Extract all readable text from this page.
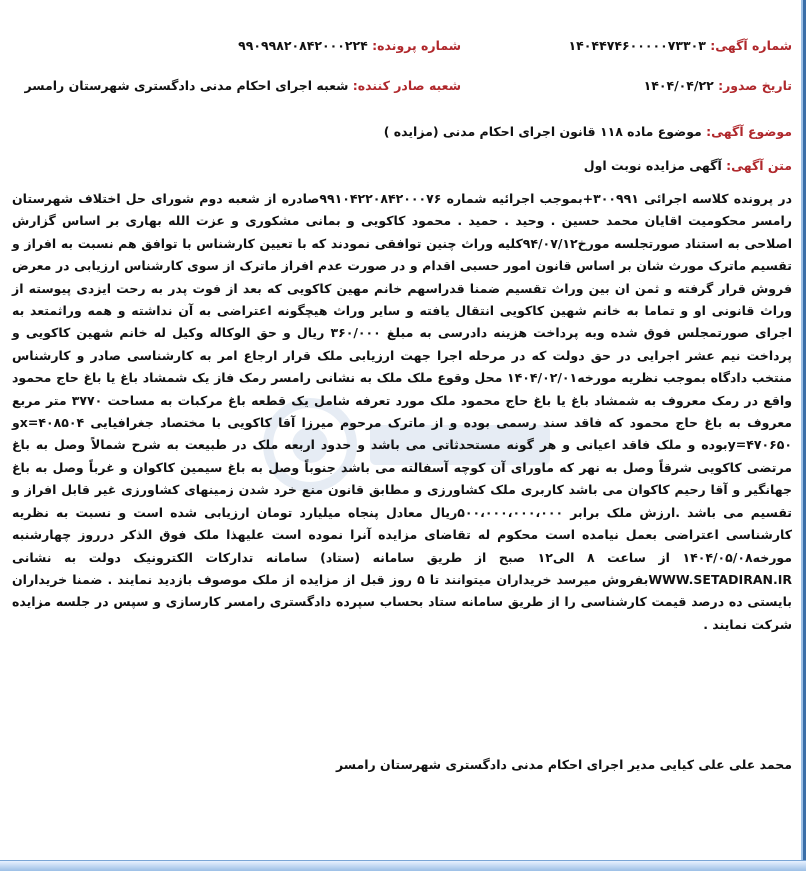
شماره آگهی: ۱۴۰۴۴۷۴۶۰۰۰۰۰۷۳۳۰۳
شماره پرونده: ۹۹۰۹۹۸۲۰۸۴۲۰۰۰۲۲۴
تاریخ صدور: ۱۴۰۴/۰۴/۲۲
شعبه صادر کننده: شعبه اجرای احکام مدنی دادگستری شهرستان رامسر
موضوع آگهی: موضوع ماده ۱۱۸ قانون اجرای احکام مدنی (مزایده )
متن آگهی: آگهی مزایده نوبت اول
در پرونده کلاسه اجرائی ۳۰۰۹۹۱+بموجب اجرائیه شماره ۹۹۱۰۴۲۲۰۸۴۲۰۰۰۷۶صادره از شعبه دوم شورای حل اختلاف شهرستان رامسر محکومیت اقایان محمد حسین . وحید . حمید . محمود کاکویی و بمانی مشکوری و عزت الله بهاری بر اساس گزارش اصلاحی به استناد صورتجلسه مورخ۹۴/۰۷/۱۲کلیه وراث چنین توافقی نمودند که با تعیین کارشناس با توافق هم نسبت به افراز و تقسیم ماترک مورث شان بر اساس قانون امور حسبی اقدام و در صورت عدم افراز ماترک از سوی کارشناس ارزیابی در معرض فروش قرار گرفته و ثمن ان بین وراث تقسیم ضمنا قدراسهم خانم مهین کاکویی که بعد از فوت پدر به رحت ایزدی پیوسته از وراث قانونی او و تماما به خانم شهین کاکویی انتقال یافته و سایر وراث هیچگونه اعتراضی به آن نداشته و همه وراثمتعد به اجرای صورتمجلس فوق شده وبه پرداخت هزینه دادرسی به مبلغ ۳۶۰/۰۰۰ ریال و حق الوکاله وکیل له خانم شهین کاکویی و پرداخت نیم عشر اجرایی در حق دولت که در مرحله اجرا جهت ارزیابی ملک قرار ارجاع امر به کارشناسی صادر و کارشناس منتخب دادگاه بموجب نظریه مورخه۱۴۰۴/۰۲/۰۱ محل وقوع ملک ملک به نشانی رامسر رمک فاز یک شمشاد باغ یا باغ حاج محمود واقع در رمک معروف به شمشاد باغ یا باغ حاج محمود ملک مورد تعرفه شامل یک قطعه باغ مرکبات به مساحت ۳۷۷۰ متر مربع معروف به باغ حاج محمود که فاقد سند رسمی بوده و از ماترک مرحوم میرزا آقا کاکویی با مختصاد جغرافیایی x=۴۰۸۵۰۴و y=۴۷۰۶۵۰بوده و ملک فاقد اعیانی و هر گونه مستحدثاتی می باشد و حدود اربعه ملک در طبیعت به شرح شمالاً وصل به باغ مرتضی کاکویی شرقاً وصل به نهر که ماورای آن کوچه آسفالته می باشد جنوباً وصل به باغ سیمین کاکوان و غرباً وصل به باغ جهانگیر و آقا رحیم کاکوان می باشد کاربری ملک کشاورزی و مطابق قانون منع خرد شدن زمینهای کشاورزی غیر قابل افراز و تقسیم می باشد .ارزش ملک برابر ۵۰۰،۰۰۰،۰۰۰،۰۰۰ریال معادل پنجاه میلیارد تومان ارزیابی شده است و نسبت به نظریه کارشناسی اعتراضی بعمل نیامده است محکوم له تقاضای مزایده آنرا نموده است علیهذا ملک فوق الذکر درروز چهارشنبه مورخه۱۴۰۴/۰۵/۰۸ از ساعت ۸ الی۱۲ صبح از طریق سامانه (ستاد) سامانه تدارکات الکترونیک دولت به نشانی WWW.SETADIRAN.IRبفروش میرسد خریداران میتوانند تا ۵ روز قبل از مزایده از ملک موصوف بازدید نمایند . ضمنا خریداران بایستی ده درصد قیمت کارشناسی را از طریق سامانه ستاد بحساب سپرده دادگستری رامسر کارسازی و سپس در جلسه مزایده شرکت نمایند .
محمد علی علی کیایی مدیر اجرای احکام مدنی دادگستری شهرستان رامسر
